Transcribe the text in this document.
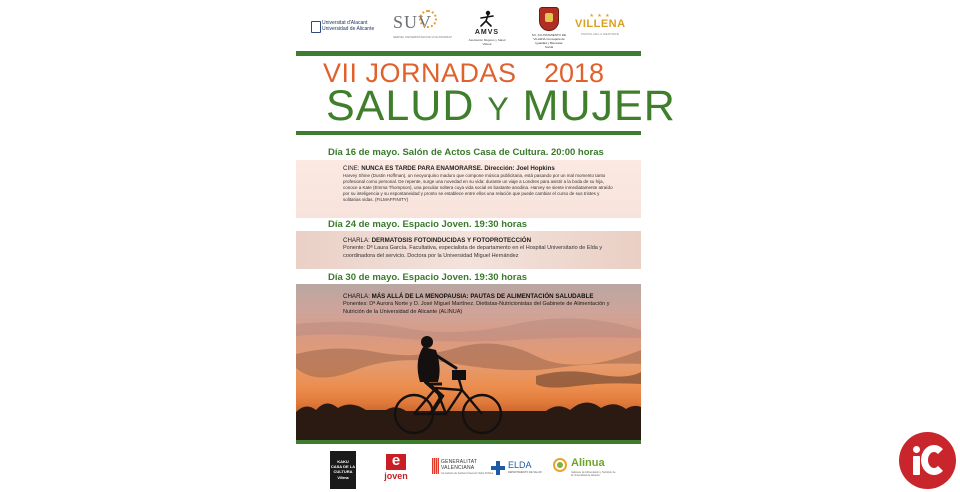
Universitat d'Alacant
Universidad de Alicante SUV
SERVEI UNIVERSITARI DE VOLUNTARIAT
AMVS
Asociación Mujeres y Salud Villena
M.I. AYUNTAMIENTO DE VILLENA Concejalía de Igualdad y Bienestar Social
★ ★ ★
VILLENA
PORTAL DE LA IDENTIDAD
VII JORNADAS 2018
SALUD Y MUJER
Día 16 de mayo. Salón de Actos Casa de Cultura. 20:00 horas
CINE: NUNCA ES TARDE PARA ENAMORARSE. Dirección: Joel Hopkins
Harvey Shine (Dustin Hoffman), un neoyorquino maduro que compone música publicitaria, está pasando por un mal momento tanto profesional como personal. De repente, surge una novedad en su vida: durante un viaje a Londres para asistir a la boda de su hija, conoce a Kate (Emma Thompson), una peculiar soltera cuya vida social es bastante anodina. Harvey se siente inmediatamente atraído por su inteligencia y su espontaneidad y pronto se establece entre ellos una relación que puede cambiar el curso de sus tristes y solitarias vidas. (FILMAFFINITY)
Día 24 de mayo. Espacio Joven. 19:30 horas
CHARLA: DERMATOSIS FOTOINDUCIDAS Y FOTOPROTECCIÓN
Ponente: Dª Laura García. Facultativa, especialista de departamento en el Hospital Universitario de Elda y coordinadora del servicio. Doctora por la Universidad Miguel Hernández
Día 30 de mayo. Espacio Joven. 19:30 horas
CHARLA: MÁS ALLÁ DE LA MENOPAUSIA: PAUTAS DE ALIMENTACIÓN SALUDABLE
Ponentes: Dª Aurora Norte y D. José Miguel Martínez. Dietistas-Nutricionistas del Gabinete de Alimentación y Nutrición de la Universidad de Alicante (ALINUA)
KAKU
CASA DE LA
CULTURA
Villena
e
joven
GENERALITAT
VALENCIANA
Conselleria de Sanitat Universal i Salut Pública
ELDA
DEPARTAMENTO DE SALUD
Alinua
Gabinete de Alimentación y Nutrición de la Universidad de Alicante
